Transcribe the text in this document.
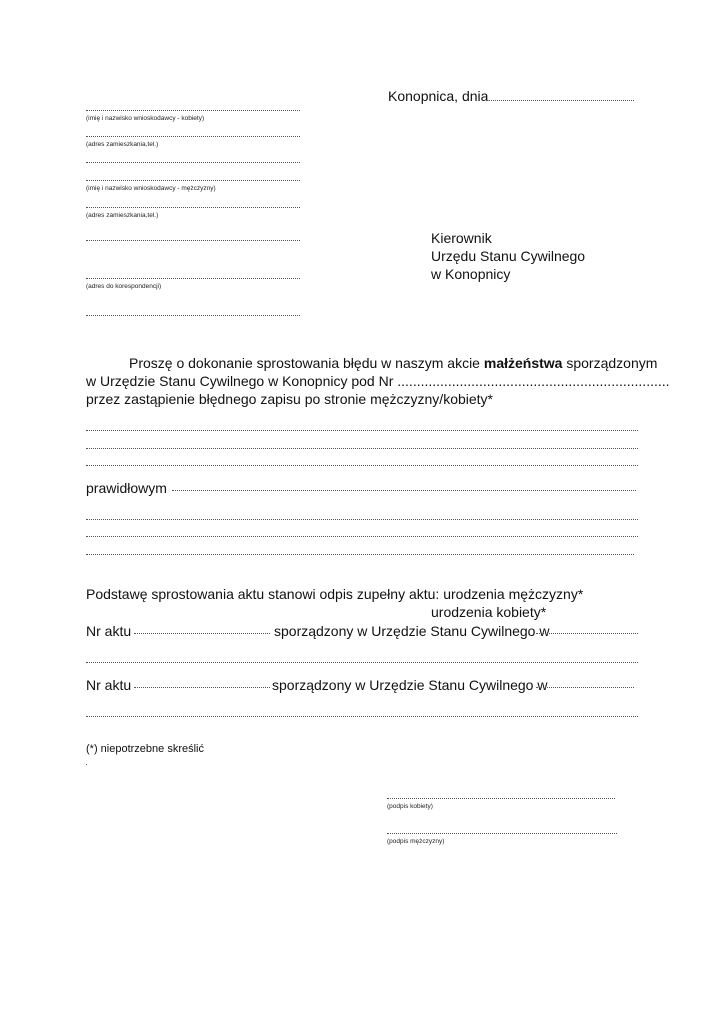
Konopnica, dnia
(imię i nazwisko wnioskodawcy - kobiety)
(adres zamieszkania,tel.)
(imię i nazwisko wnioskodawcy - mężczyzny)
(adres zamieszkania,tel.)
(adres do korespondencji)
Kierownik
Urzędu Stanu Cywilnego
w Konopnicy
Proszę o dokonanie sprostowania błędu w naszym akcie małżeństwa sporządzonym
w Urzędzie Stanu Cywilnego w Konopnicy pod Nr ......................................................................
przez zastąpienie błędnego zapisu po stronie mężczyzny/kobiety*
prawidłowym
Podstawę sprostowania aktu stanowi odpis zupełny aktu: urodzenia mężczyzny*
urodzenia kobiety*
Nr aktu	sporządzony w Urzędzie Stanu Cywilnego w
Nr aktu	sporządzony w Urzędzie Stanu Cywilnego w
(*) niepotrzebne skreślić
(podpis kobiety)
(podpis mężczyzny)
